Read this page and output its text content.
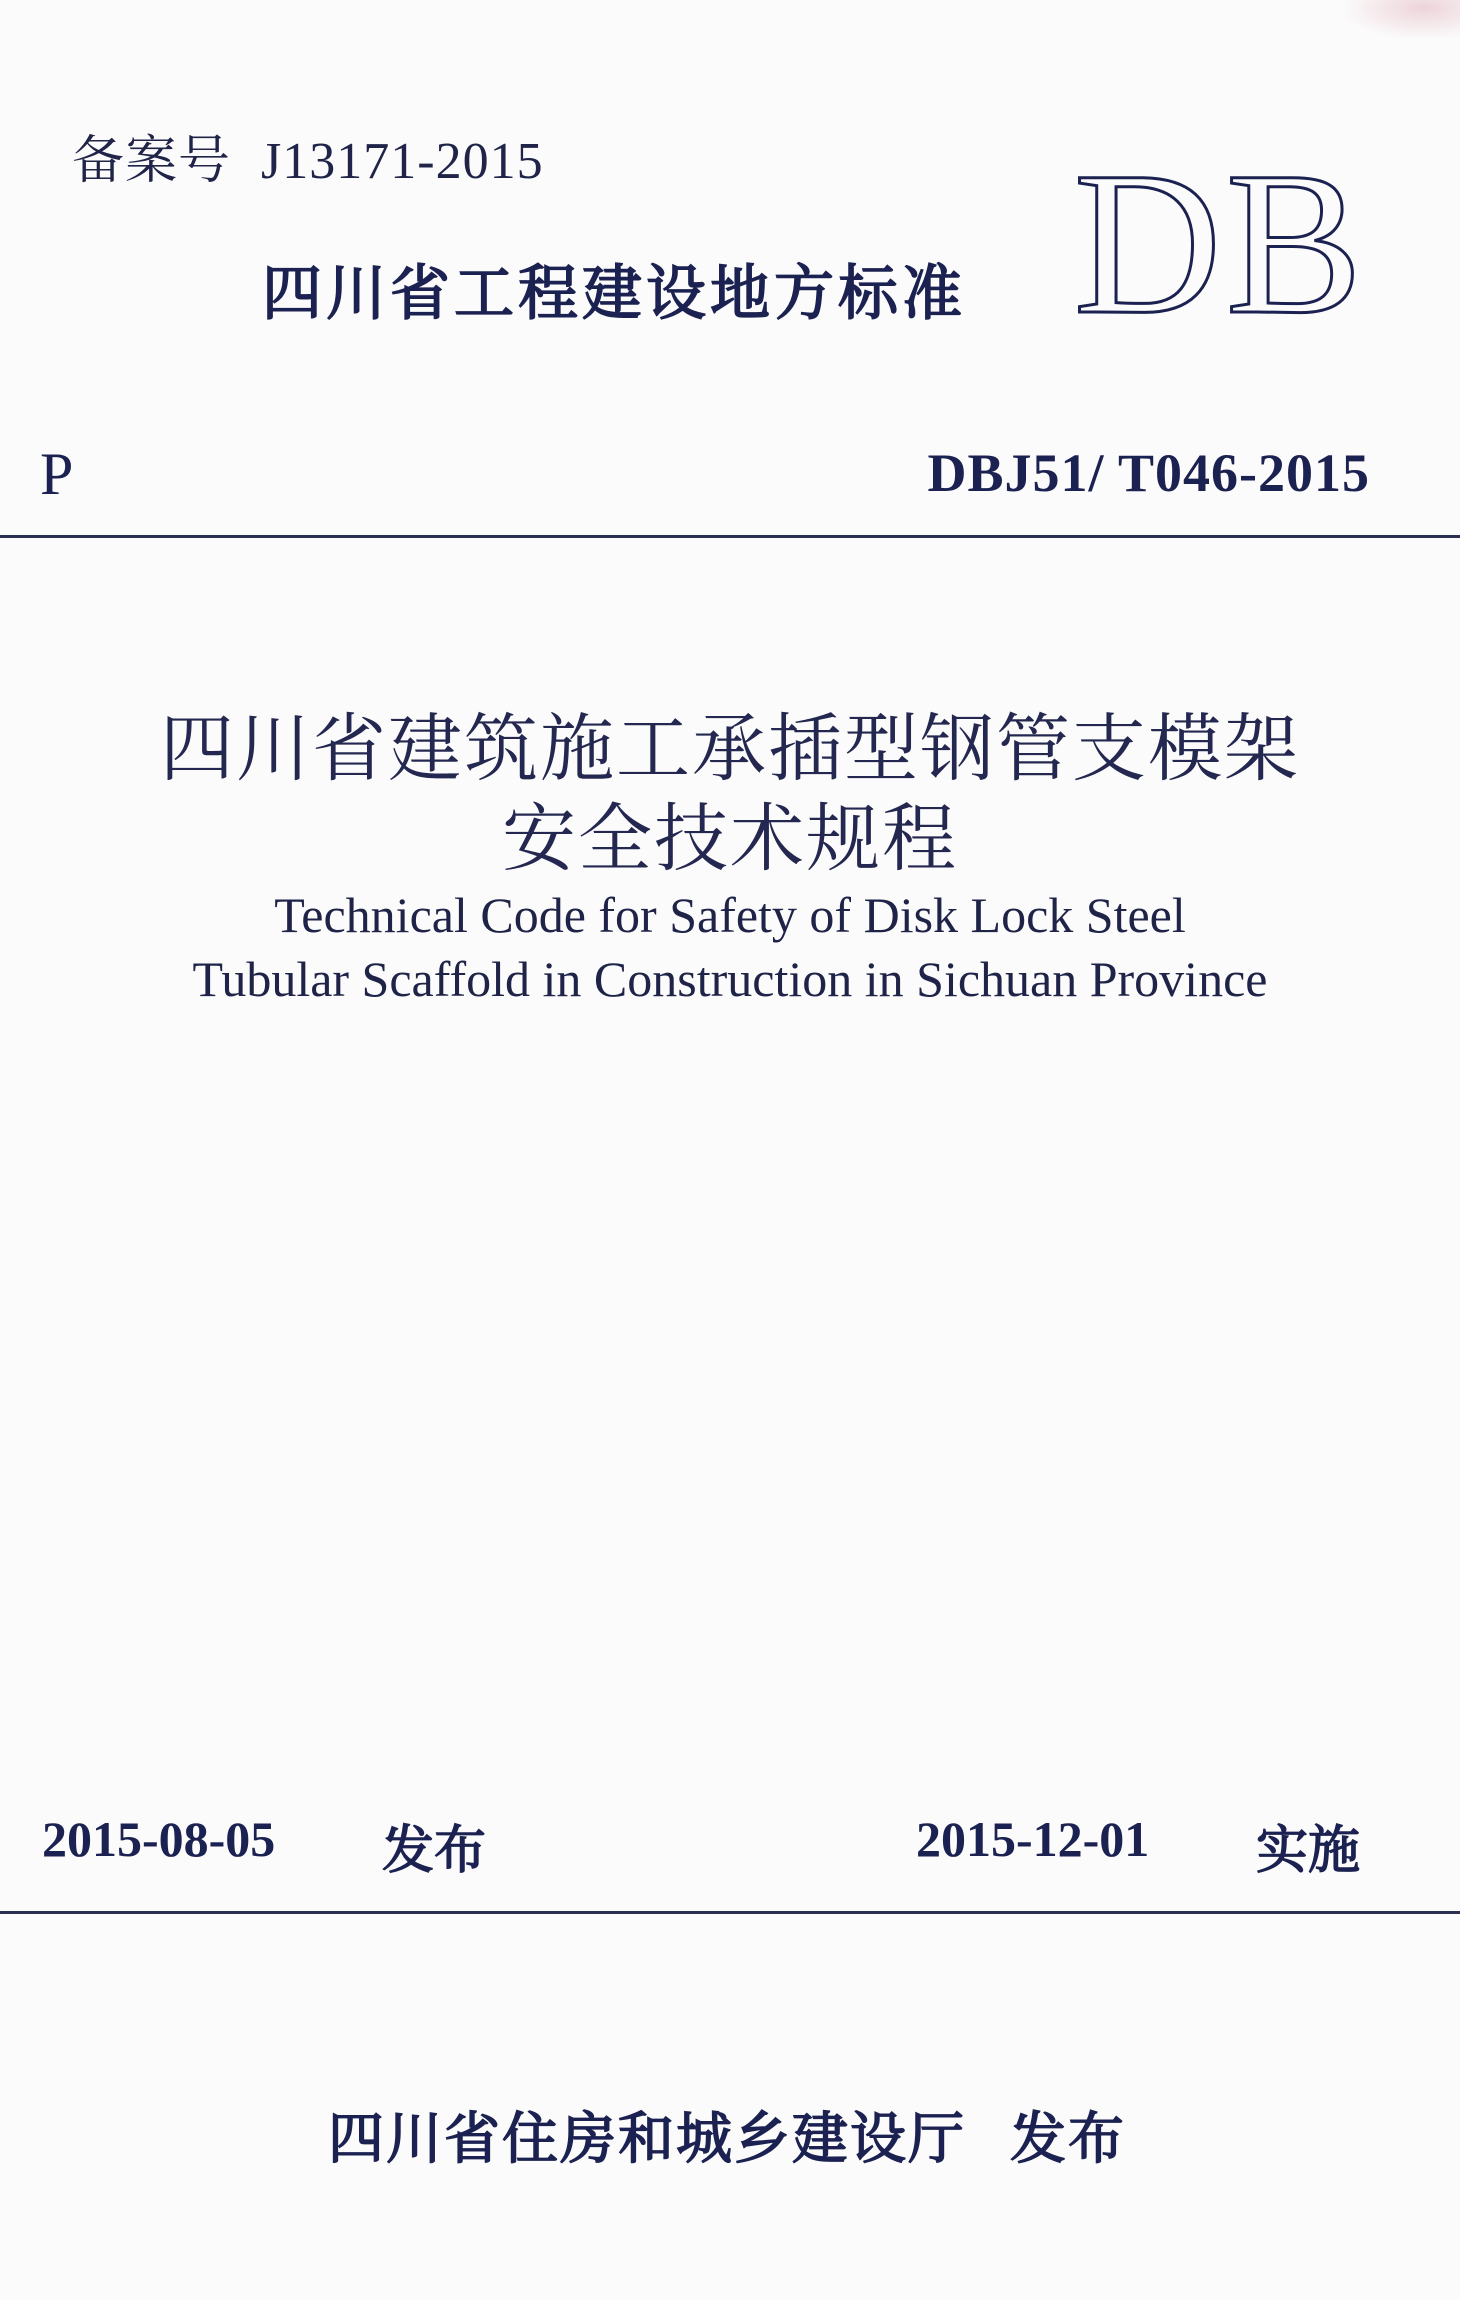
备案号 J13171-2015
四川省工程建设地方标准 DB
P	DBJ51/ T046-2015
四川省建筑施工承插型钢管支模架
安全技术规程
Technical Code for Safety of Disk Lock Steel
Tubular Scaffold in Construction in Sichuan Province
2015-08-05 发布	2015-12-01 实施
四川省住房和城乡建设厅 发布
